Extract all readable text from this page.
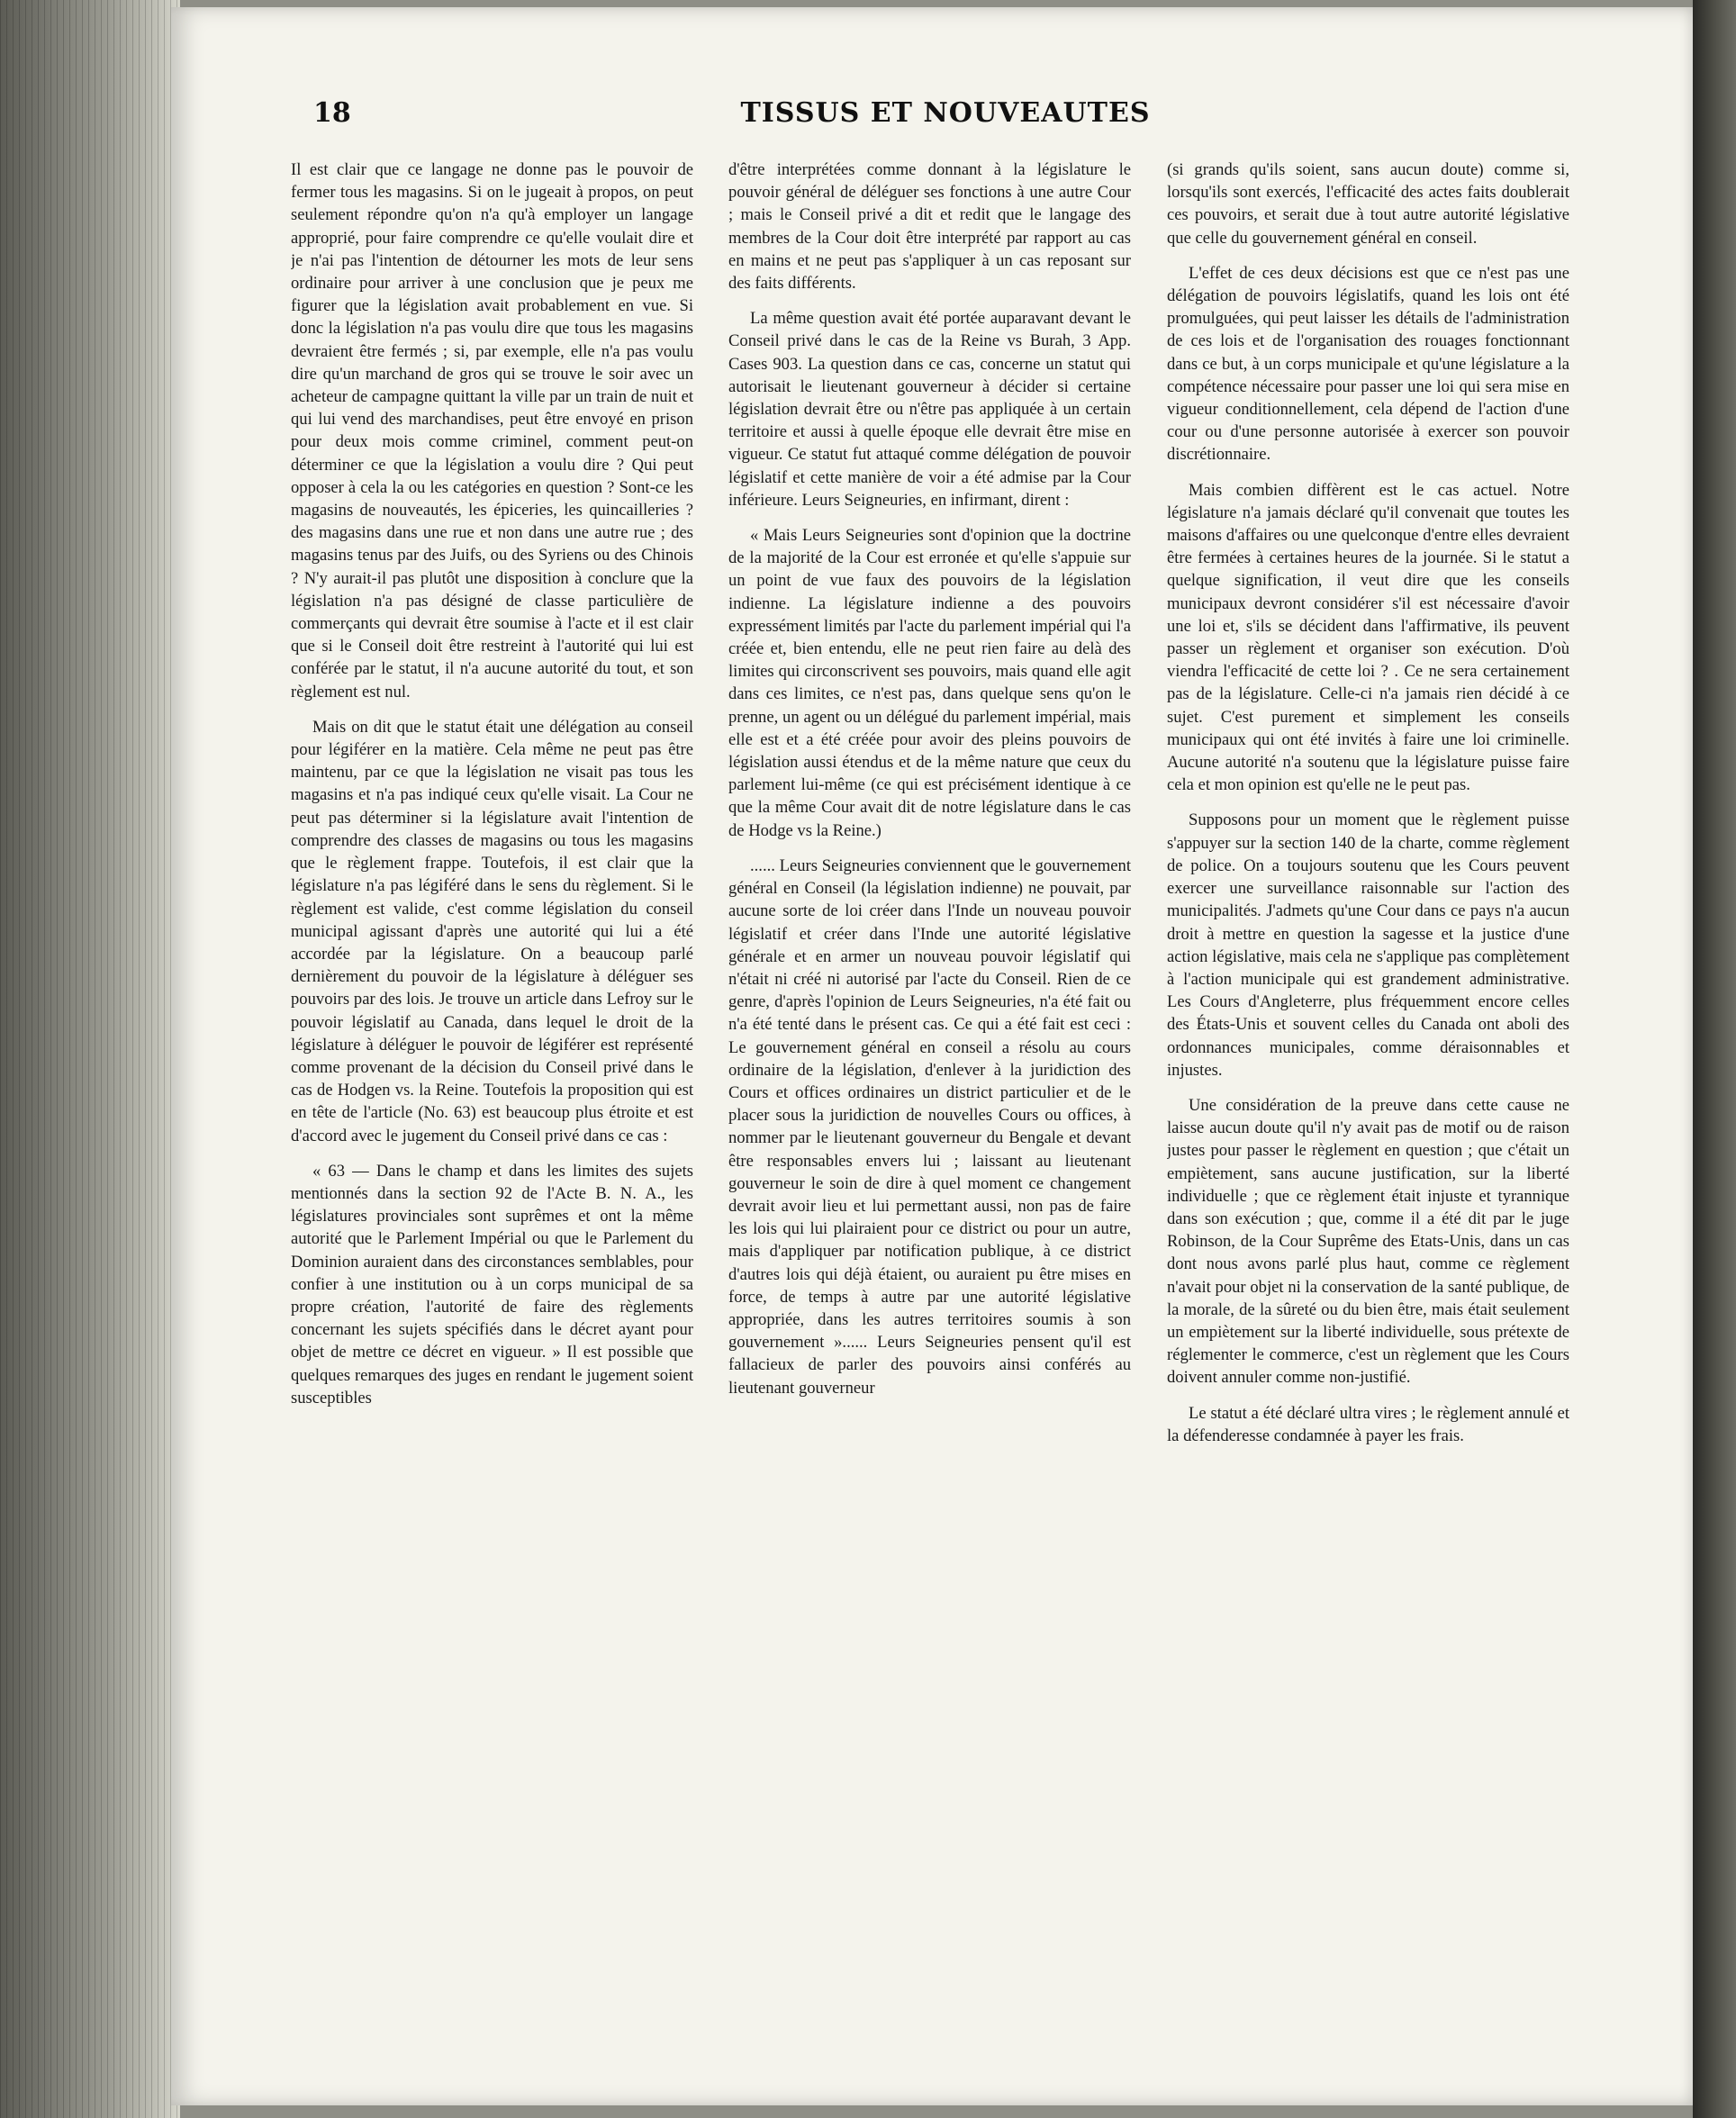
18	TISSUS ET NOUVEAUTES

Il est clair que ce langage ne donne pas le pouvoir de fermer tous les magasins. Si on le jugeait à propos, on peut seulement répondre qu'on n'a qu'à employer un langage approprié, pour faire comprendre ce qu'elle voulait dire et je n'ai pas l'intention de détourner les mots de leur sens ordinaire pour arriver à une conclusion que je peux me figurer que la législation avait probablement en vue. Si donc la législation n'a pas voulu dire que tous les magasins devraient être fermés ; si, par exemple, elle n'a pas voulu dire qu'un marchand de gros qui se trouve le soir avec un acheteur de campagne quittant la ville par un train de nuit et qui lui vend des marchandises, peut être envoyé en prison pour deux mois comme criminel, comment peut-on déterminer ce que la législation a voulu dire ? Qui peut opposer à cela la ou les catégories en question ? Sont-ce les magasins de nouveautés, les épiceries, les quincailleries ? des magasins dans une rue et non dans une autre rue ; des magasins tenus par des Juifs, ou des Syriens ou des Chinois ? N'y aurait-il pas plutôt une disposition à conclure que la législation n'a pas désigné de classe particulière de commerçants qui devrait être soumise à l'acte et il est clair que si le Conseil doit être restreint à l'autorité qui lui est conférée par le statut, il n'a aucune autorité du tout, et son règlement est nul.

Mais on dit que le statut était une délégation au conseil pour légiférer en la matière. Cela même ne peut pas être maintenu, par ce que la législation ne visait pas tous les magasins et n'a pas indiqué ceux qu'elle visait. La Cour ne peut pas déterminer si la législature avait l'intention de comprendre des classes de magasins ou tous les magasins que le règlement frappe. Toutefois, il est clair que la législature n'a pas légiféré dans le sens du règlement. Si le règlement est valide, c'est comme législation du conseil municipal agissant d'après une autorité qui lui a été accordée par la législature. On a beaucoup parlé dernièrement du pouvoir de la législature à déléguer ses pouvoirs par des lois. Je trouve un article dans Lefroy sur le pouvoir législatif au Canada, dans lequel le droit de la législature à déléguer le pouvoir de légiférer est représenté comme provenant de la décision du Conseil privé dans le cas de Hodgen vs. la Reine. Toutefois la proposition qui est en tête de l'article (No. 63) est beaucoup plus étroite et est d'accord avec le jugement du Conseil privé dans ce cas :

« 63 — Dans le champ et dans les limites des sujets mentionnés dans la section 92 de l'Acte B. N. A., les législatures provinciales sont suprêmes et ont la même autorité que le Parlement Impérial ou que le Parlement du Dominion auraient dans des circonstances semblables, pour confier à une institution ou à un corps municipal de sa propre création, l'autorité de faire des règlements concernant les sujets spécifiés dans le décret ayant pour objet de mettre ce décret en vigueur. » Il est possible que quelques remarques des juges en rendant le jugement soient susceptibles

d'être interprétées comme donnant à la législature le pouvoir général de déléguer ses fonctions à une autre Cour ; mais le Conseil privé a dit et redit que le langage des membres de la Cour doit être interprété par rapport au cas en mains et ne peut pas s'appliquer à un cas reposant sur des faits différents.

La même question avait été portée auparavant devant le Conseil privé dans le cas de la Reine vs Burah, 3 App. Cases 903. La question dans ce cas, concerne un statut qui autorisait le lieutenant gouverneur à décider si certaine législation devrait être ou n'être pas appliquée à un certain territoire et aussi à quelle époque elle devrait être mise en vigueur. Ce statut fut attaqué comme délégation de pouvoir législatif et cette manière de voir a été admise par la Cour inférieure. Leurs Seigneuries, en infirmant, dirent :

« Mais Leurs Seigneuries sont d'opinion que la doctrine de la majorité de la Cour est erronée et qu'elle s'appuie sur un point de vue faux des pouvoirs de la législation indienne. La législature indienne a des pouvoirs expressément limités par l'acte du parlement impérial qui l'a créée et, bien entendu, elle ne peut rien faire au delà des limites qui circonscrivent ses pouvoirs, mais quand elle agit dans ces limites, ce n'est pas, dans quelque sens qu'on le prenne, un agent ou un délégué du parlement impérial, mais elle est et a été créée pour avoir des pleins pouvoirs de législation aussi étendus et de la même nature que ceux du parlement lui-même (ce qui est précisément identique à ce que la même Cour avait dit de notre législature dans le cas de Hodge vs la Reine.)

...... Leurs Seigneuries conviennent que le gouvernement général en Conseil (la législation indienne) ne pouvait, par aucune sorte de loi créer dans l'Inde un nouveau pouvoir législatif et créer dans l'Inde une autorité législative générale et en armer un nouveau pouvoir législatif qui n'était ni créé ni autorisé par l'acte du Conseil. Rien de ce genre, d'après l'opinion de Leurs Seigneuries, n'a été fait ou n'a été tenté dans le présent cas. Ce qui a été fait est ceci : Le gouvernement général en conseil a résolu au cours ordinaire de la législation, d'enlever à la juridiction des Cours et offices ordinaires un district particulier et de le placer sous la juridiction de nouvelles Cours ou offices, à nommer par le lieutenant gouverneur du Bengale et devant être responsables envers lui ; laissant au lieutenant gouverneur le soin de dire à quel moment ce changement devrait avoir lieu et lui permettant aussi, non pas de faire les lois qui lui plairaient pour ce district ou pour un autre, mais d'appliquer par notification publique, à ce district d'autres lois qui déjà étaient, ou auraient pu être mises en force, de temps à autre par une autorité législative appropriée, dans les autres territoires soumis à son gouvernement »...... Leurs Seigneuries pensent qu'il est fallacieux de parler des pouvoirs ainsi conférés au lieutenant gouverneur

(si grands qu'ils soient, sans aucun doute) comme si, lorsqu'ils sont exercés, l'efficacité des actes faits doublerait ces pouvoirs, et serait due à tout autre autorité législative que celle du gouvernement général en conseil.

L'effet de ces deux décisions est que ce n'est pas une délégation de pouvoirs législatifs, quand les lois ont été promulguées, qui peut laisser les détails de l'administration de ces lois et de l'organisation des rouages fonctionnant dans ce but, à un corps municipale et qu'une législature a la compétence nécessaire pour passer une loi qui sera mise en vigueur conditionnellement, cela dépend de l'action d'une cour ou d'une personne autorisée à exercer son pouvoir discrétionnaire.

Mais combien diffèrent est le cas actuel. Notre législature n'a jamais déclaré qu'il convenait que toutes les maisons d'affaires ou une quelconque d'entre elles devraient être fermées à certaines heures de la journée. Si le statut a quelque signification, il veut dire que les conseils municipaux devront considérer s'il est nécessaire d'avoir une loi et, s'ils se décident dans l'affirmative, ils peuvent passer un règlement et organiser son exécution. D'où viendra l'efficacité de cette loi ? . Ce ne sera certainement pas de la législature. Celle-ci n'a jamais rien décidé à ce sujet. C'est purement et simplement les conseils municipaux qui ont été invités à faire une loi criminelle. Aucune autorité n'a soutenu que la législature puisse faire cela et mon opinion est qu'elle ne le peut pas.

Supposons pour un moment que le règlement puisse s'appuyer sur la section 140 de la charte, comme règlement de police. On a toujours soutenu que les Cours peuvent exercer une surveillance raisonnable sur l'action des municipalités. J'admets qu'une Cour dans ce pays n'a aucun droit à mettre en question la sagesse et la justice d'une action législative, mais cela ne s'applique pas complètement à l'action municipale qui est grandement administrative. Les Cours d'Angleterre, plus fréquemment encore celles des États-Unis et souvent celles du Canada ont aboli des ordonnances municipales, comme déraisonnables et injustes.

Une considération de la preuve dans cette cause ne laisse aucun doute qu'il n'y avait pas de motif ou de raison justes pour passer le règlement en question ; que c'était un empiètement, sans aucune justification, sur la liberté individuelle ; que ce règlement était injuste et tyrannique dans son exécution ; que, comme il a été dit par le juge Robinson, de la Cour Suprême des Etats-Unis, dans un cas dont nous avons parlé plus haut, comme ce règlement n'avait pour objet ni la conservation de la santé publique, de la morale, de la sûreté ou du bien être, mais était seulement un empiètement sur la liberté individuelle, sous prétexte de réglementer le commerce, c'est un règlement que les Cours doivent annuler comme non-justifié.

Le statut a été déclaré ultra vires ; le règlement annulé et la défenderesse condamnée à payer les frais.
